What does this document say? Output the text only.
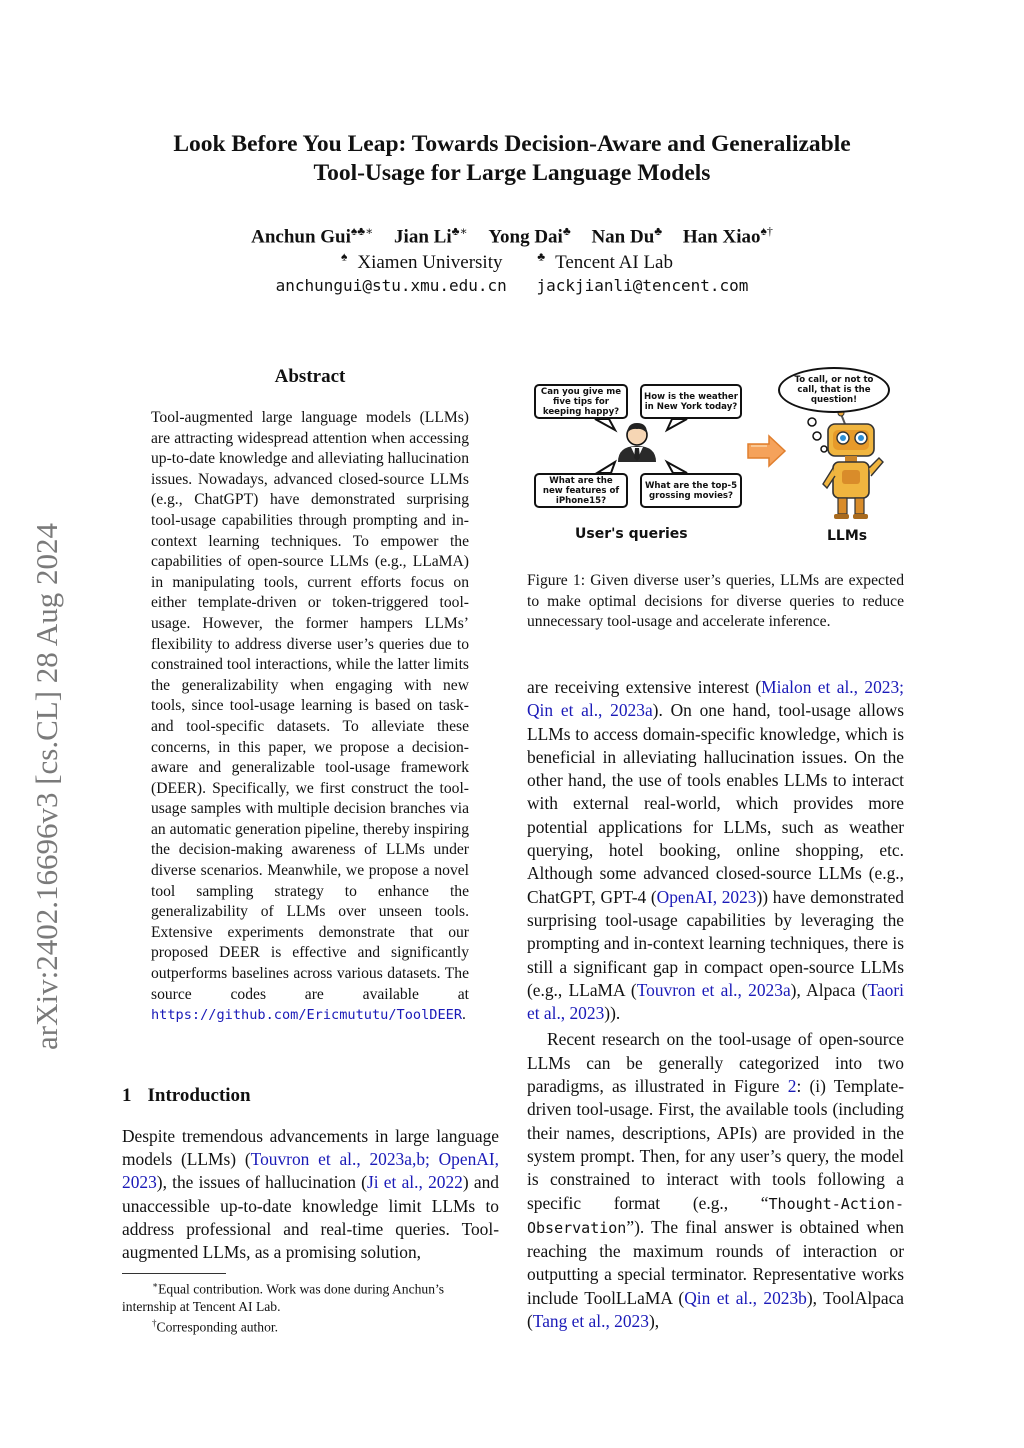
Look Before You Leap: Towards Decision-Aware and Generalizable
Tool-Usage for Large Language Models
Anchun Gui♠♣∗ Jian Li♣∗ Yong Dai♣ Nan Du♣ Han Xiao♠†
♠ Xiamen University	♣ Tencent AI Lab
anchungui@stu.xmu.edu.cn jackjianli@tencent.com
arXiv:2402.16696v3 [cs.CL] 28 Aug 2024
Abstract
Tool-augmented large language models (LLMs) are attracting widespread attention when accessing up-to-date knowledge and alleviating hallucination issues. Nowadays, advanced closed-source LLMs (e.g., ChatGPT) have demonstrated surprising tool-usage capabilities through prompting and in-context learning techniques. To empower the capabilities of open-source LLMs (e.g., LLaMA) in manipulating tools, current efforts focus on either template-driven or token-triggered tool-usage. However, the former hampers LLMs’ flexibility to address diverse user’s queries due to constrained tool interactions, while the latter limits the generalizability when engaging with new tools, since tool-usage learning is based on task- and tool-specific datasets. To alleviate these concerns, in this paper, we propose a decision-aware and generalizable tool-usage framework (DEER). Specifically, we first construct the tool-usage samples with multiple decision branches via an automatic generation pipeline, thereby inspiring the decision-making awareness of LLMs under diverse scenarios. Meanwhile, we propose a novel tool sampling strategy to enhance the generalizability of LLMs over unseen tools. Extensive experiments demonstrate that our proposed DEER is effective and significantly outperforms baselines across various datasets. The source codes are available at https://github.com/Ericmututu/ToolDEER.
1 Introduction
Despite tremendous advancements in large language models (LLMs) (Touvron et al., 2023a,b; OpenAI, 2023), the issues of hallucination (Ji et al., 2022) and unaccessible up-to-date knowledge limit LLMs to address professional and real-time queries. Tool-augmented LLMs, as a promising solution,

∗Equal contribution. Work was done during Anchun’s internship at Tencent AI Lab.

†Corresponding author.

Can you give me five tips for keeping happy?
How is the weather in New York today?
What are the new features of iPhone15?
What are the top-5 grossing movies?
To call, or not to call, that is the question!
User's queries	LLMs
Figure 1: Given diverse user’s queries, LLMs are expected to make optimal decisions for diverse queries to reduce unnecessary tool-usage and accelerate inference.

are receiving extensive interest (Mialon et al., 2023; Qin et al., 2023a). On one hand, tool-usage allows LLMs to access domain-specific knowledge, which is beneficial in alleviating hallucination issues. On the other hand, the use of tools enables LLMs to interact with external real-world, which provides more potential applications for LLMs, such as weather querying, hotel booking, online shopping, etc. Although some advanced closed-source LLMs (e.g., ChatGPT, GPT-4 (OpenAI, 2023)) have demonstrated surprising tool-usage capabilities by leveraging the prompting and in-context learning techniques, there is still a significant gap in compact open-source LLMs (e.g., LLaMA (Touvron et al., 2023a), Alpaca (Taori et al., 2023)).

Recent research on the tool-usage of open-source LLMs can be generally categorized into two paradigms, as illustrated in Figure 2: (i) Template-driven tool-usage. First, the available tools (including their names, descriptions, APIs) are provided in the system prompt. Then, for any user’s query, the model is constrained to interact with tools following a specific format (e.g., “Thought-Action-Observation”). The final answer is obtained when reaching the maximum rounds of interaction or outputting a special terminator. Representative works include ToolLLaMA (Qin et al., 2023b), ToolAlpaca (Tang et al., 2023),
